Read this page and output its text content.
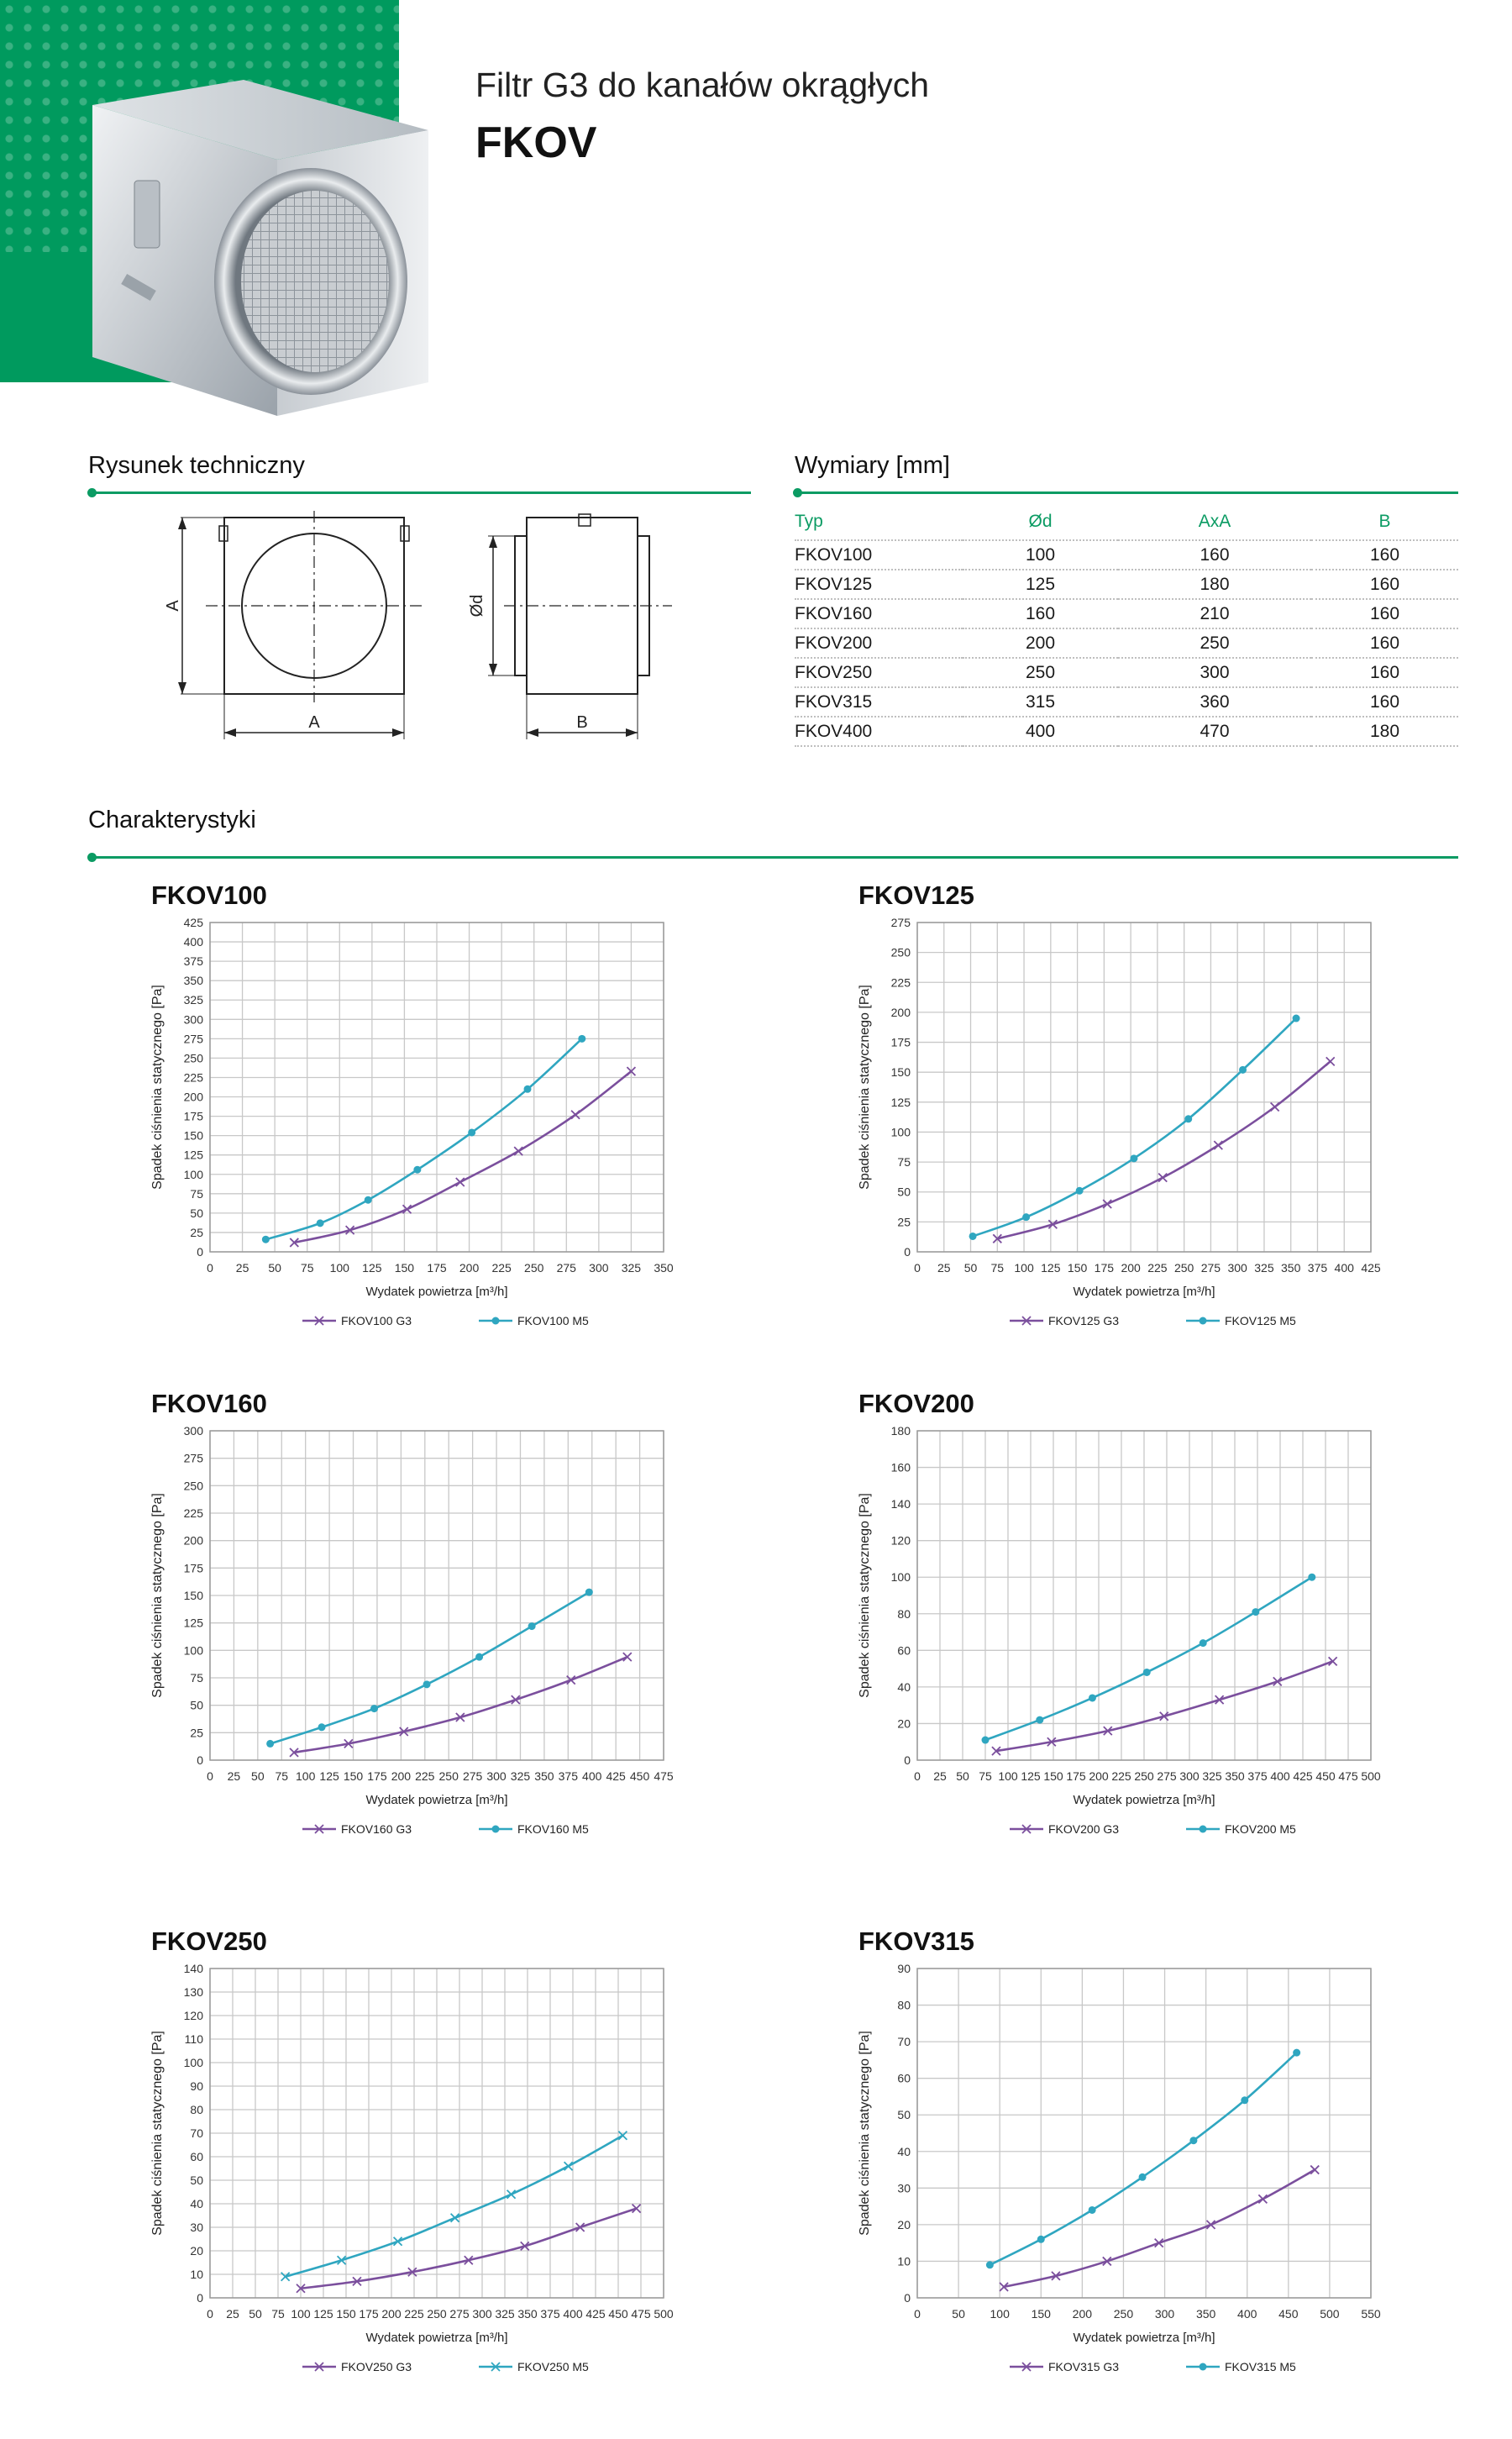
Filtr G3 do kanałów okrągłych
FKOV
Rysunek techniczny
A
A
Ød
B
Wymiary [mm]
Typ	Ød	AxA	B
FKOV100	100	160	160
FKOV125	125	180	160
FKOV160	160	210	160
FKOV200	200	250	160
FKOV250	250	300	160
FKOV315	315	360	160
FKOV400	400	470	180
Charakterystyki
FKOV100
0 25 50 75 100 125 150 175 200 225 250 275 300 325 350
0
25
50
75
100
125
150
175
200
225
250
275
300
325
350
375
400
425
Wydatek powietrza [m³/h]
Spadek ciśnienia statycznego [Pa]
FKOV100 G3	FKOV100 M5
FKOV125
0 25 50 75 100 125 150 175 200 225 250 275 300 325 350 375 400 425
0
25
50
75
100
125
150
175
200
225
250
275
Wydatek powietrza [m³/h]
Spadek ciśnienia statycznego [Pa]
FKOV125 G3	FKOV125 M5
FKOV160
0 25 50 75 100 125 150 175 200 225 250 275 300 325 350 375 400 425 450 475
0
25
50
75
100
125
150
175
200
225
250
275
300
Wydatek powietrza [m³/h]
Spadek ciśnienia statycznego [Pa]
FKOV160 G3	FKOV160 M5
FKOV200
0 25 50 75 100 125 150 175 200 225 250 275 300 325 350 375 400 425 450 475 500
0
20
40
60
80
100
120
140
160
180
Wydatek powietrza [m³/h]
Spadek ciśnienia statycznego [Pa]
FKOV200 G3	FKOV200 M5
FKOV250
0 25 50 75 100 125 150 175 200 225 250 275 300 325 350 375 400 425 450 475 500
0
10
20
30
40
50
60
70
80
90
100
110
120
130
140
Wydatek powietrza [m³/h]
Spadek ciśnienia statycznego [Pa]
FKOV250 G3	FKOV250 M5
FKOV315
0	50 100 150 200 250 300 350 400 450 500 550
0
10
20
30
40
50
60
70
80
90
Wydatek powietrza [m³/h]
Spadek ciśnienia statycznego [Pa]
FKOV315 G3	FKOV315 M5
